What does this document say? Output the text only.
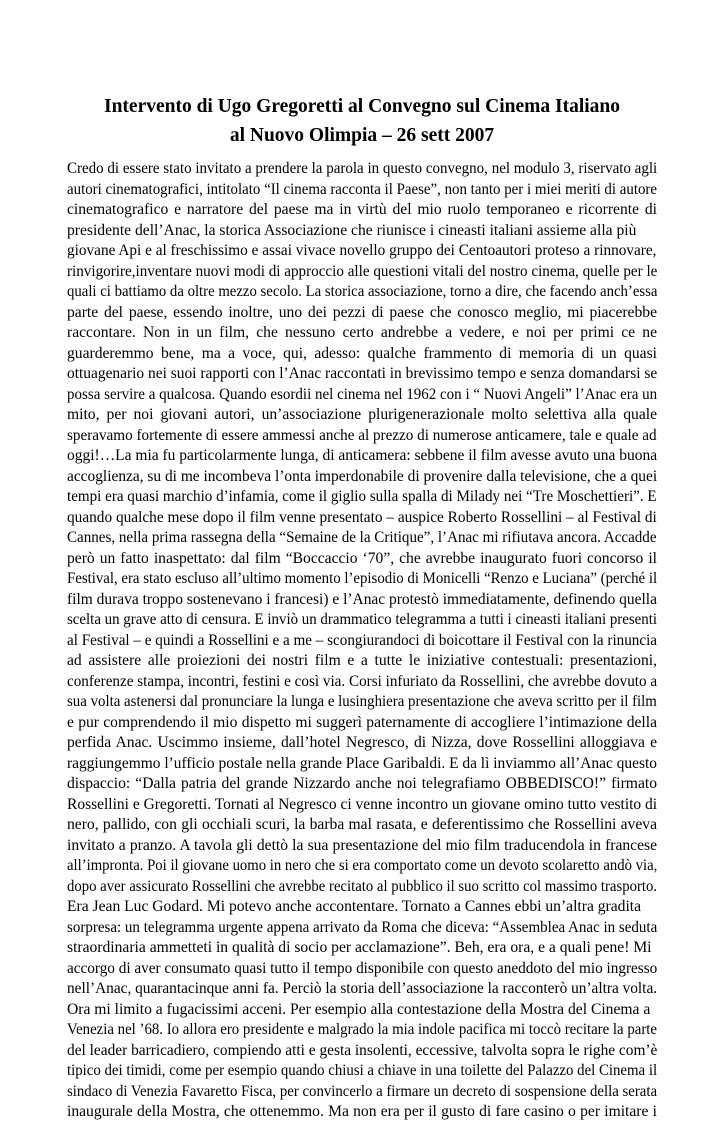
Intervento di Ugo Gregoretti al Convegno sul Cinema Italiano
al Nuovo Olimpia – 26 sett 2007
Credo di essere stato invitato a prendere la parola in questo convegno, nel modulo 3, riservato agli
autori cinematografici, intitolato “Il cinema racconta il Paese”, non tanto per i miei meriti di autore
cinematografico e narratore del paese ma in virtù del mio ruolo temporaneo e ricorrente di
presidente dell’Anac, la storica Associazione che riunisce i cineasti italiani assieme alla più
giovane Api e al freschissimo e assai vivace novello gruppo dei Centoautori proteso a rinnovare,
rinvigorire,inventare nuovi modi di approccio alle questioni vitali del nostro cinema, quelle per le
quali ci battiamo da oltre mezzo secolo. La storica associazione, torno a dire, che facendo anch’essa
parte del paese, essendo inoltre, uno dei pezzi di paese che conosco meglio, mi piacerebbe
raccontare. Non in un film, che nessuno certo andrebbe a vedere, e noi per primi ce ne
guarderemmo bene, ma a voce, qui, adesso: qualche frammento di memoria di un quasi
ottuagenario nei suoi rapporti con l’Anac raccontati in brevissimo tempo e senza domandarsi se
possa servire a qualcosa. Quando esordii nel cinema nel 1962 con i “ Nuovi Angeli” l’Anac era un
mito, per noi giovani autori, un’associazione plurigenerazionale molto selettiva alla quale
speravamo fortemente di essere ammessi anche al prezzo di numerose anticamere, tale e quale ad
oggi!…La mia fu particolarmente lunga, di anticamera: sebbene il film avesse avuto una buona
accoglienza, su di me incombeva l’onta imperdonabile di provenire dalla televisione, che a quei
tempi era quasi marchio d’infamia, come il giglio sulla spalla di Milady nei “Tre Moschettieri”. E
quando qualche mese dopo il film venne presentato – auspice Roberto Rossellini – al Festival di
Cannes, nella prima rassegna della “Semaine de la Critique”, l’Anac mi rifiutava ancora. Accadde
però un fatto inaspettato: dal film “Boccaccio ‘70”, che avrebbe inaugurato fuori concorso il
Festival, era stato escluso all’ultimo momento l’episodio di Monicelli “Renzo e Luciana” (perché il
film durava troppo sostenevano i francesi) e l’Anac protestò immediatamente, definendo quella
scelta un grave atto di censura. E inviò un drammatico telegramma a tutti i cineasti italiani presenti
al Festival – e quindi a Rossellini e a me – scongiurandoci di boicottare il Festival con la rinuncia
ad assistere alle proiezioni dei nostri film e a tutte le iniziative contestuali: presentazioni,
conferenze stampa, incontri, festini e così via. Corsi infuriato da Rossellini, che avrebbe dovuto a
sua volta astenersi dal pronunciare la lunga e lusinghiera presentazione che aveva scritto per il film
e pur comprendendo il mio dispetto mi suggerì paternamente di accogliere l’intimazione della
perfida Anac. Uscimmo insieme, dall’hotel Negresco, di Nizza, dove Rossellini alloggiava e
raggiungemmo l’ufficio postale nella grande Place Garibaldi. E da lì inviammo all’Anac questo
dispaccio: “Dalla patria del grande Nizzardo anche noi telegrafiamo OBBEDISCO!” firmato
Rossellini e Gregoretti. Tornati al Negresco ci venne incontro un giovane omino tutto vestito di
nero, pallido, con gli occhiali scuri, la barba mal rasata, e deferentissimo che Rossellini aveva
invitato a pranzo. A tavola gli dettò la sua presentazione del mio film traducendola in francese
all’impronta. Poi il giovane uomo in nero che si era comportato come un devoto scolaretto andò via,
dopo aver assicurato Rossellini che avrebbe recitato al pubblico il suo scritto col massimo trasporto.
Era Jean Luc Godard. Mi potevo anche accontentare. Tornato a Cannes ebbi un’altra gradita
sorpresa: un telegramma urgente appena arrivato da Roma che diceva: “Assemblea Anac in seduta
straordinaria ammetteti in qualità di socio per acclamazione”. Beh, era ora, e a quali pene! Mi
accorgo di aver consumato quasi tutto il tempo disponibile con questo aneddoto del mio ingresso
nell’Anac, quarantacinque anni fa. Perciò la storia dell’associazione la racconterò un’altra volta.
Ora mi limito a fugacissimi acceni. Per esempio alla contestazione della Mostra del Cinema a
Venezia nel ’68. Io allora ero presidente e malgrado la mia indole pacifica mi toccò recitare la parte
del leader barricadiero, compiendo atti e gesta insolenti, eccessive, talvolta sopra le righe com’è
tipico dei timidi, come per esempio quando chiusi a chiave in una toilette del Palazzo del Cinema il
sindaco di Venezia Favaretto Fisca, per convincerlo a firmare un decreto di sospensione della serata
inaugurale della Mostra, che ottenemmo. Ma non era per il gusto di fare casino o per imitare i
